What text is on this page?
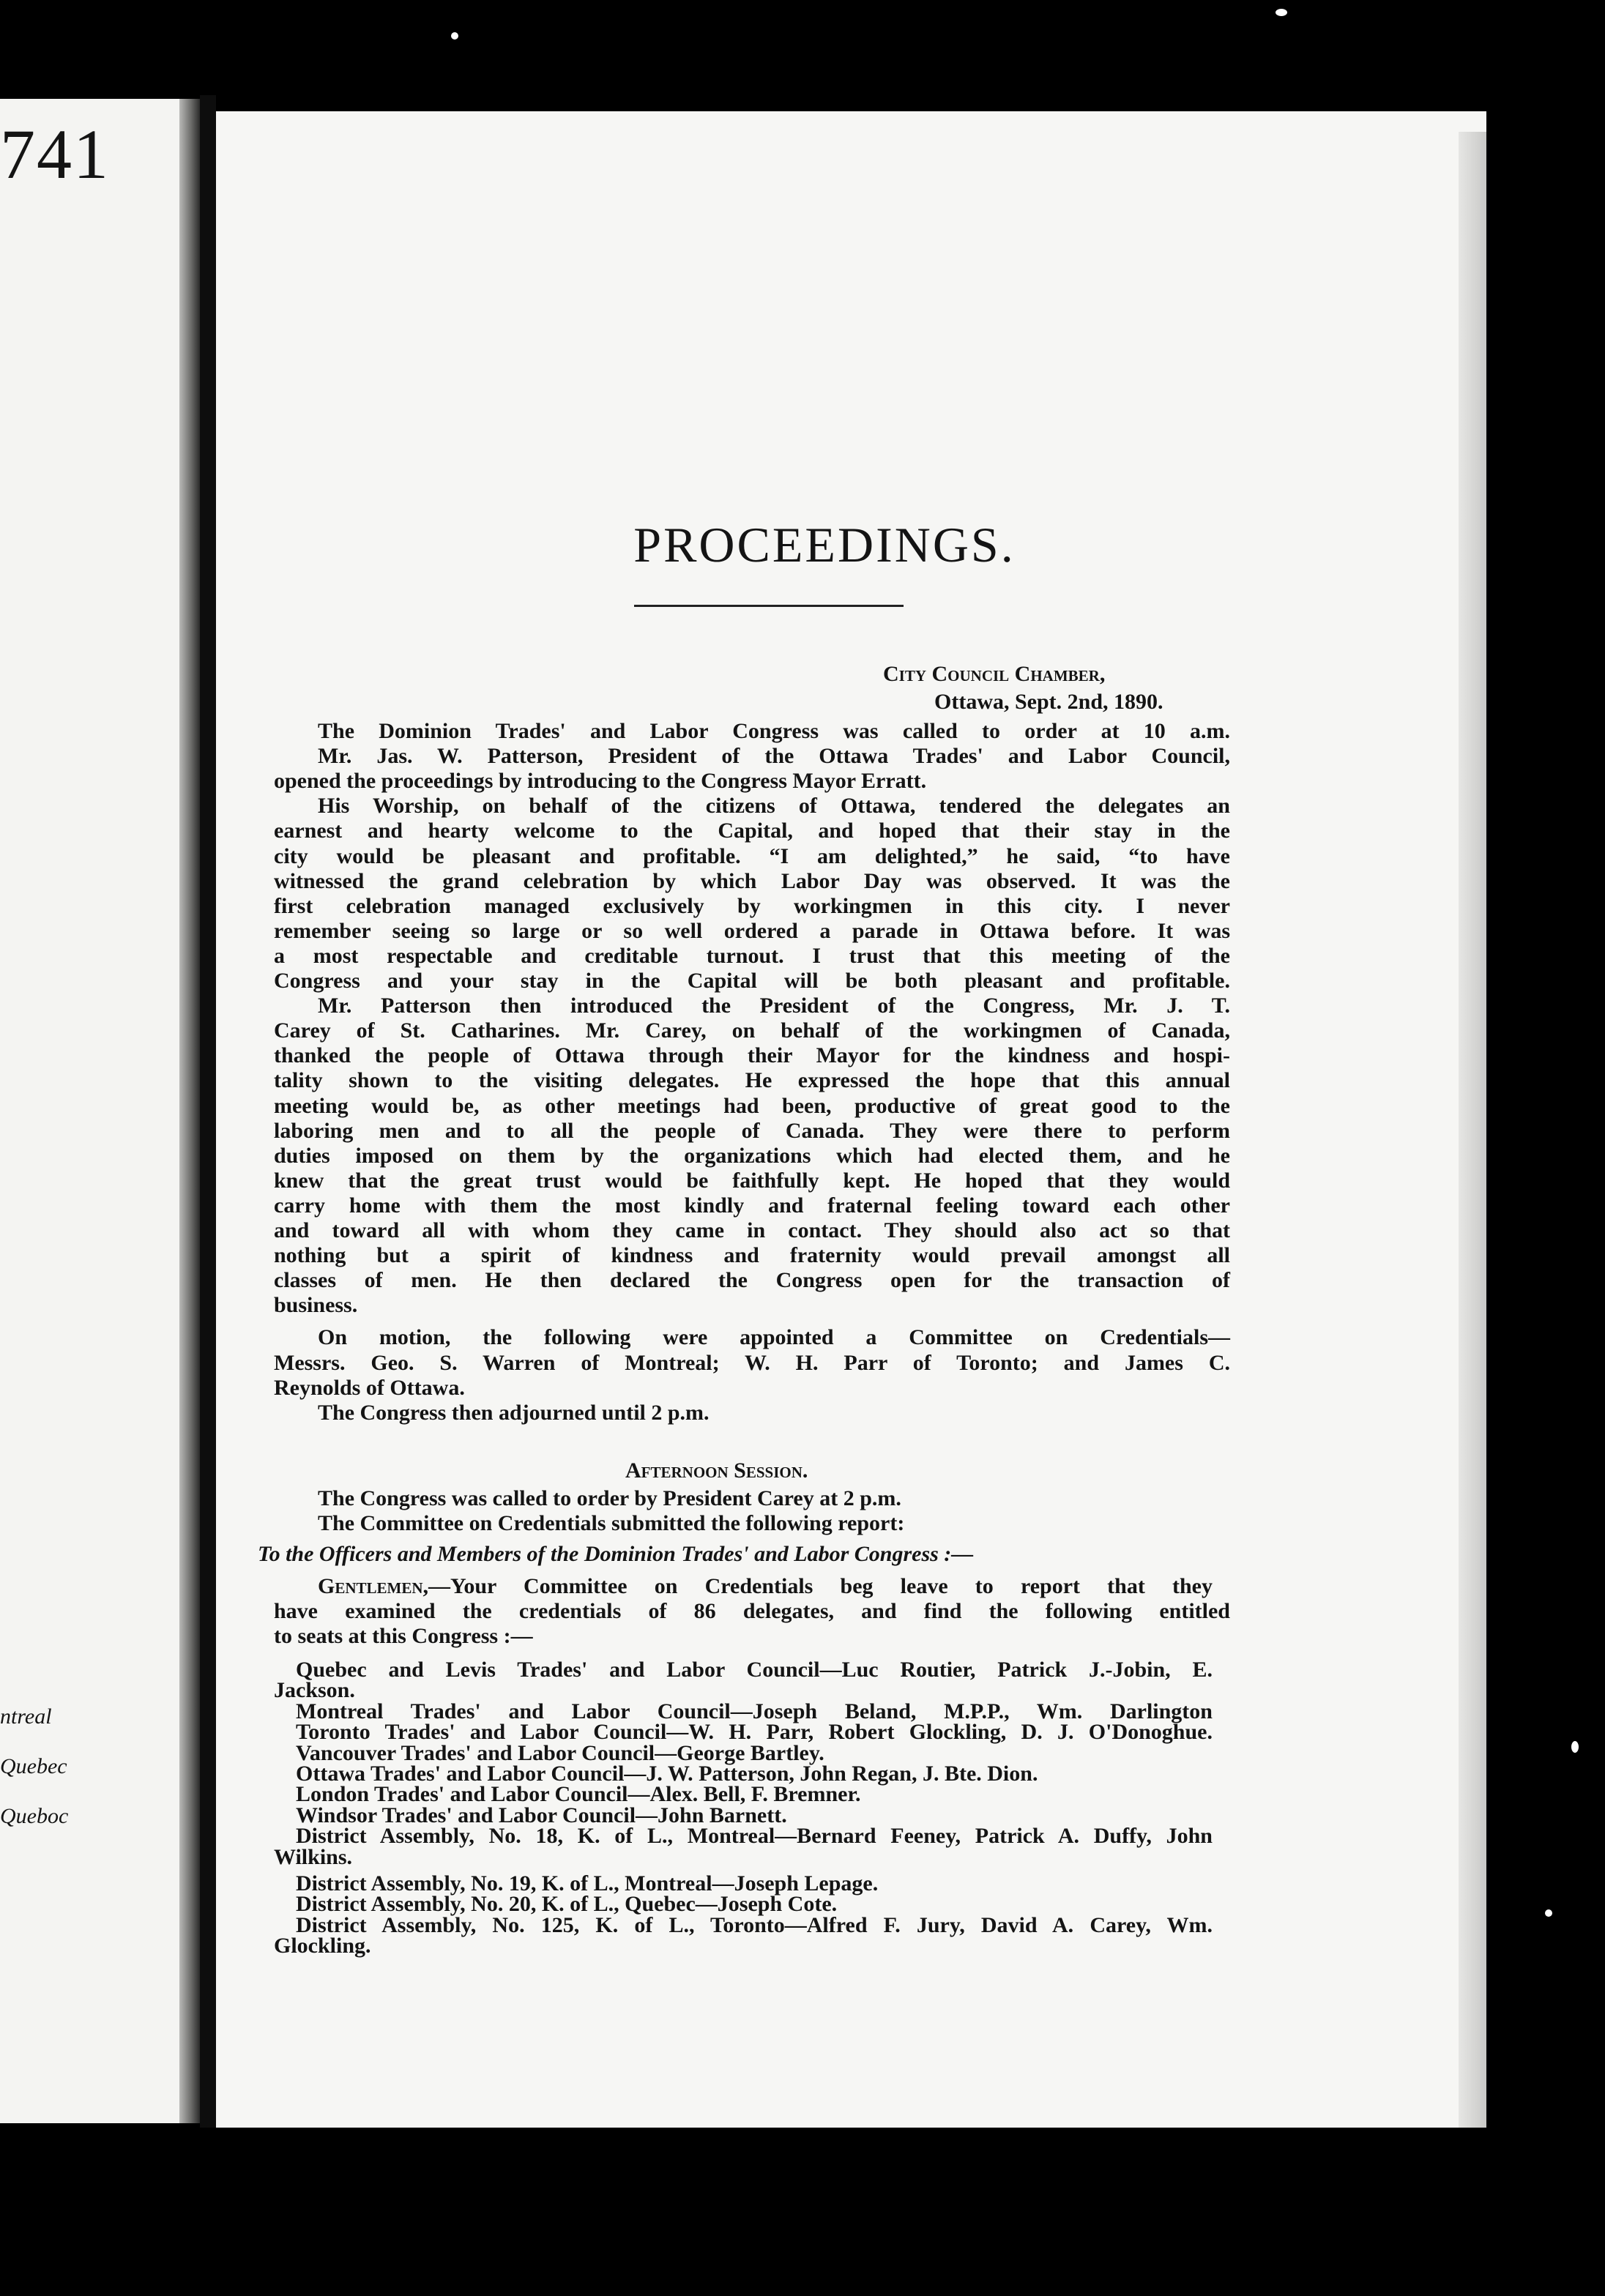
741
ntreal
Quebec
Queboc
PROCEEDINGS.
City Council Chamber,
Ottawa, Sept. 2nd, 1890.
The Dominion Trades' and Labor Congress was called to order at 10 a.m.
Mr. Jas. W. Patterson, President of the Ottawa Trades' and Labor Council,
opened the proceedings by introducing to the Congress Mayor Erratt.
His Worship, on behalf of the citizens of Ottawa, tendered the delegates an
earnest and hearty welcome to the Capital, and hoped that their stay in the
city would be pleasant and profitable. “I am delighted,” he said, “to have
witnessed the grand celebration by which Labor Day was observed. It was the
first celebration managed exclusively by workingmen in this city. I never
remember seeing so large or so well ordered a parade in Ottawa before. It was
a most respectable and creditable turnout. I trust that this meeting of the
Congress and your stay in the Capital will be both pleasant and profitable.
Mr. Patterson then introduced the President of the Congress, Mr. J. T.
Carey of St. Catharines. Mr. Carey, on behalf of the workingmen of Canada,
thanked the people of Ottawa through their Mayor for the kindness and hospi-
tality shown to the visiting delegates. He expressed the hope that this annual
meeting would be, as other meetings had been, productive of great good to the
laboring men and to all the people of Canada. They were there to perform
duties imposed on them by the organizations which had elected them, and he
knew that the great trust would be faithfully kept. He hoped that they would
carry home with them the most kindly and fraternal feeling toward each other
and toward all with whom they came in contact. They should also act so that
nothing but a spirit of kindness and fraternity would prevail amongst all
classes of men. He then declared the Congress open for the transaction of
business.
On motion, the following were appointed a Committee on Credentials—
Messrs. Geo. S. Warren of Montreal; W. H. Parr of Toronto; and James C.
Reynolds of Ottawa.
The Congress then adjourned until 2 p.m.
Afternoon Session.
The Congress was called to order by President Carey at 2 p.m.
The Committee on Credentials submitted the following report:
To the Officers and Members of the Dominion Trades' and Labor Congress :—
Gentlemen,—Your Committee on Credentials beg leave to report that they
have examined the credentials of 86 delegates, and find the following entitled
to seats at this Congress :—
Quebec and Levis Trades' and Labor Council—Luc Routier, Patrick J.-Jobin, E.
Jackson.
Montreal Trades' and Labor Council—Joseph Beland, M.P.P., Wm. Darlington
Toronto Trades' and Labor Council—W. H. Parr, Robert Glockling, D. J. O'Donoghue.
Vancouver Trades' and Labor Council—George Bartley.
Ottawa Trades' and Labor Council—J. W. Patterson, John Regan, J. Bte. Dion.
London Trades' and Labor Council—Alex. Bell, F. Bremner.
Windsor Trades' and Labor Council—John Barnett.
District Assembly, No. 18, K. of L., Montreal—Bernard Feeney, Patrick A. Duffy, John
Wilkins.
District Assembly, No. 19, K. of L., Montreal—Joseph Lepage.
District Assembly, No. 20, K. of L., Quebec—Joseph Cote.
District Assembly, No. 125, K. of L., Toronto—Alfred F. Jury, David A. Carey, Wm.
Glockling.
